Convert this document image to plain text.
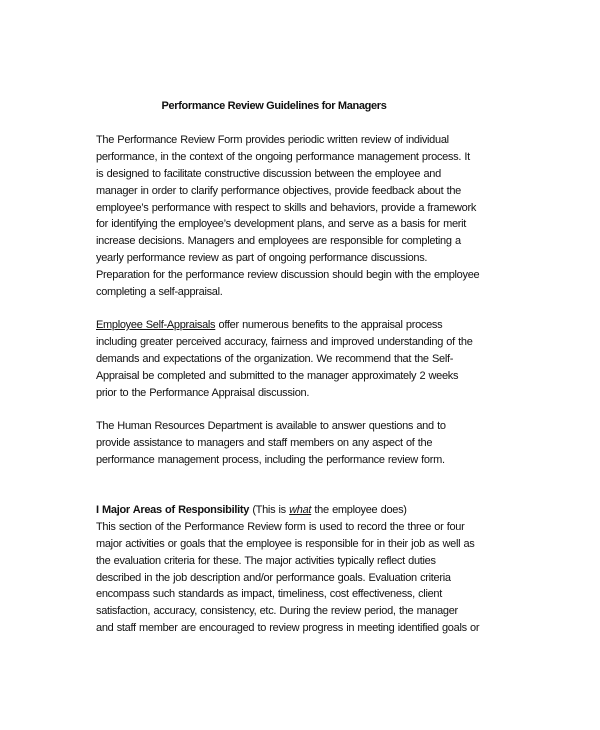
Performance Review Guidelines for Managers
The Performance Review Form provides periodic written review of individual
performance, in the context of the ongoing performance management process. It
is designed to facilitate constructive discussion between the employee and
manager in order to clarify performance objectives, provide feedback about the
employee’s performance with respect to skills and behaviors, provide a framework
for identifying the employee’s development plans, and serve as a basis for merit
increase decisions. Managers and employees are responsible for completing a
yearly performance review as part of ongoing performance discussions.
Preparation for the performance review discussion should begin with the employee
completing a self-appraisal.
Employee Self-Appraisals offer numerous benefits to the appraisal process
including greater perceived accuracy, fairness and improved understanding of the
demands and expectations of the organization. We recommend that the Self-
Appraisal be completed and submitted to the manager approximately 2 weeks
prior to the Performance Appraisal discussion.
The Human Resources Department is available to answer questions and to
provide assistance to managers and staff members on any aspect of the
performance management process, including the performance review form.
I Major Areas of Responsibility (This is what the employee does)
This section of the Performance Review form is used to record the three or four
major activities or goals that the employee is responsible for in their job as well as
the evaluation criteria for these. The major activities typically reflect duties
described in the job description and/or performance goals. Evaluation criteria
encompass such standards as impact, timeliness, cost effectiveness, client
satisfaction, accuracy, consistency, etc. During the review period, the manager
and staff member are encouraged to review progress in meeting identified goals or
